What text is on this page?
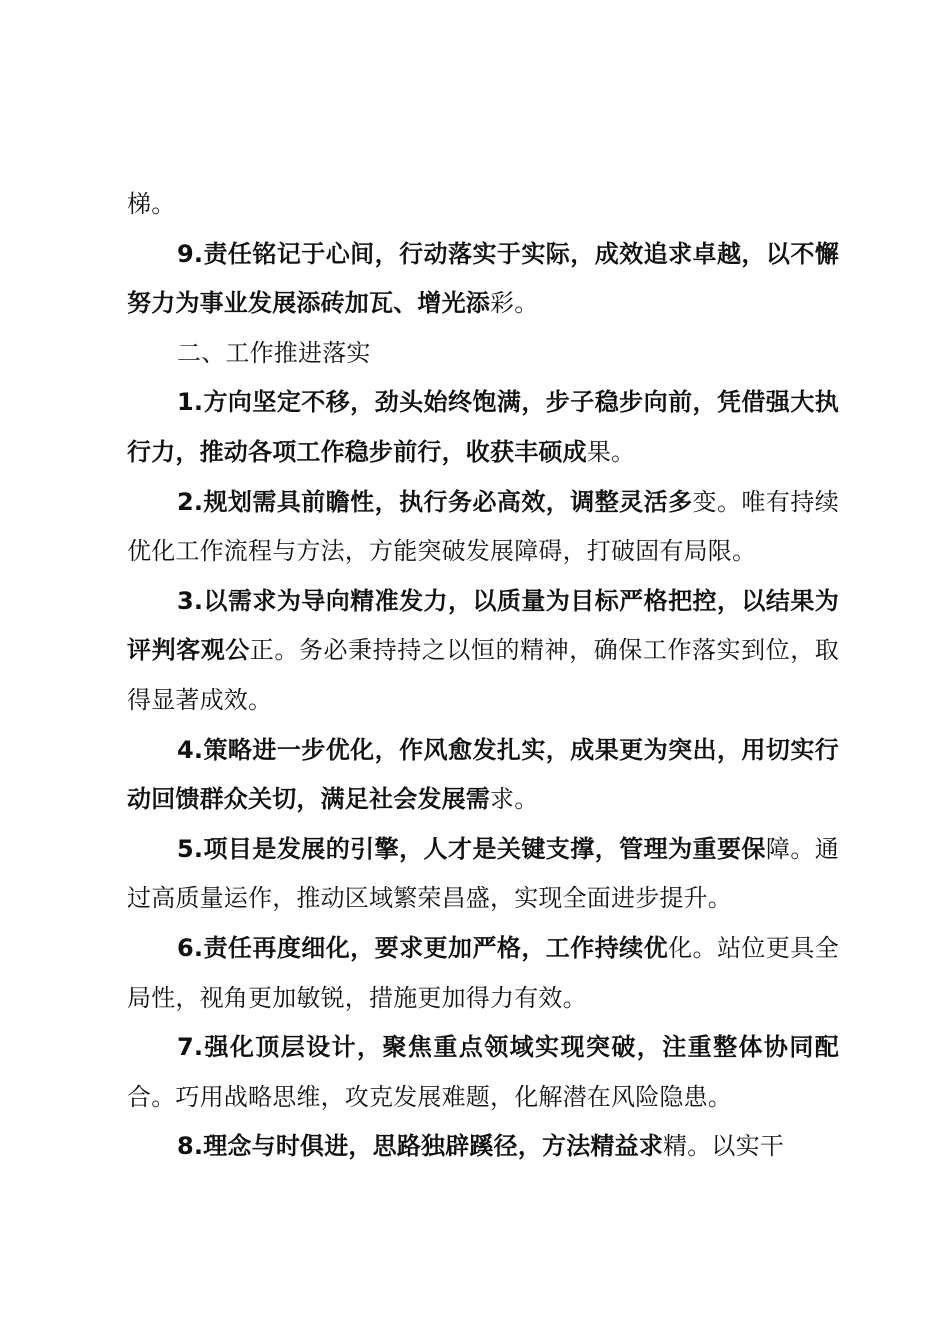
梯。

9.责任铭记于心间，行动落实于实际，成效追求卓越，以不懈努力为事业发展添砖加瓦、增光添彩。

二、工作推进落实

1.方向坚定不移，劲头始终饱满，步子稳步向前，凭借强大执行力，推动各项工作稳步前行，收获丰硕成果。

2.规划需具前瞻性，执行务必高效，调整灵活多变。唯有持续优化工作流程与方法，方能突破发展障碍，打破固有局限。

3.以需求为导向精准发力，以质量为目标严格把控，以结果为评判客观公正。务必秉持持之以恒的精神，确保工作落实到位，取得显著成效。

4.策略进一步优化，作风愈发扎实，成果更为突出，用切实行动回馈群众关切，满足社会发展需求。

5.项目是发展的引擎，人才是关键支撑，管理为重要保障。通过高质量运作，推动区域繁荣昌盛，实现全面进步提升。

6.责任再度细化，要求更加严格，工作持续优化。站位更具全局性，视角更加敏锐，措施更加得力有效。

7.强化顶层设计，聚焦重点领域实现突破，注重整体协同配合。巧用战略思维，攻克发展难题，化解潜在风险隐患。

8.理念与时俱进，思路独辟蹊径，方法精益求精。以实干
